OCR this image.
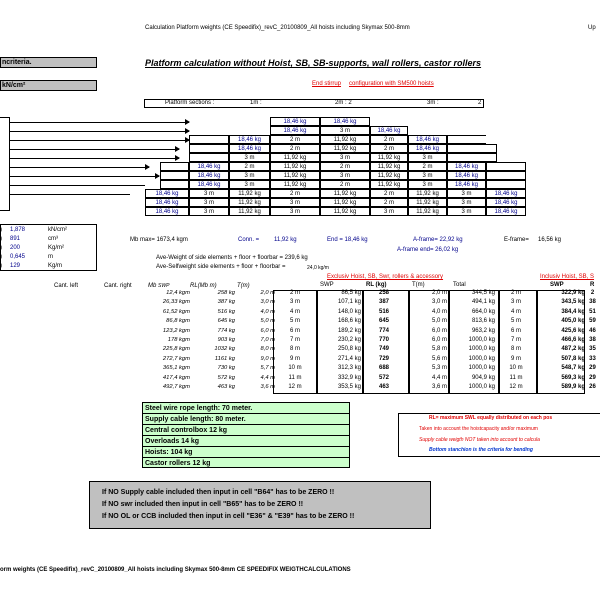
Calculation Platform weights (CE Speedifix)_revC_20100809_All hoists including Skymax 500-8mm	Up
ncriteria.
kN/cm²
Platform calculation without Hoist, SB, SB-supports, wall rollers, castor rollers
End stirrup configuration with SM500 hoists
Platform sections :	1m :	2m : 2	3m :	2
18,46 kg	18,46 kg
18,46 kg	3 m	18,46 kg
18,46 kg	2 m	11,92 kg	2 m	18,46 kg
18,46 kg	2 m	11,92 kg	2 m	18,46 kg
3 m	11,92 kg	3 m	11,92 kg	3 m
18,46 kg	2 m	11,92 kg	2 m	11,92 kg	2 m	18,46 kg
18,46 kg	3 m	11,92 kg	3 m	11,92 kg	3 m	18,46 kg
18,46 kg	3 m	11,92 kg	2 m	11,92 kg	3 m	18,46 kg
18,46 kg	3 m	11,92 kg	2 m	11,92 kg	2 m	11,92 kg	3 m	18,46 kg
18,46 kg	3 m	11,92 kg	3 m	11,92 kg	2 m	11,92 kg	3 m	18,46 kg
18,46 kg	3 m	11,92 kg	3 m	11,92 kg	3 m	11,92 kg	3 m	18,46 kg
1,878	kN/cm²
)
891	cm³
)
200	Kg/m²
)
0,645	m
)
129	Kg/m
)
Mb max= 1673,4 kgm	Conn. = 11,92 kg	End = 18,46 kg	A-frame= 22,92 kg
A-frame end= 26,02 kg
E-frame= 16,56 kg
Ave-Weight of side elements + floor + floorbar = 239,6 kg
Ave-Selfweight side elements + floor + floorbar =	24,0 kg/m
Exclusiv Hoist, SB, Swr, rollers & accessory	Inclusiv Hoist, SB, S
Cant. left	Cant. right	Mb SWP	RL(Mb m)	T(m)	SWP	RL (kg)	T(m)	Total	SWP	R
12,4 kgm	258 kg	2,0 m	2 m	86,5 kg	258	2,0 m	344,5 kg	2 m	322,9 kg 2
26,33 kgm	387 kg	3,0 m	3 m	107,1 kg	387	3,0 m	494,1 kg	3 m	343,5 kg 38
61,52 kgm	516 kg	4,0 m	4 m	148,0 kg	516	4,0 m	664,0 kg	4 m	384,4 kg 51
86,8 kgm	645 kg	5,0 m	5 m	168,6 kg	645	5,0 m	813,6 kg	5 m	405,0 kg 59
123,2 kgm	774 kg	6,0 m	6 m	189,2 kg	774	6,0 m	963,2 kg	6 m	425,6 kg 46
178 kgm	903 kg	7,0 m	7 m	230,2 kg	770	6,0 m	1000,0 kg	7 m	466,6 kg 38
225,8 kgm	1032 kg	8,0 m	8 m	250,8 kg	749	5,8 m	1000,0 kg	8 m	487,2 kg 35
272,7 kgm	1161 kg	9,0 m	9 m	271,4 kg	729	5,6 m	1000,0 kg	9 m	507,8 kg 33
365,1 kgm	730 kg	5,7 m	10 m	312,3 kg	688	5,3 m	1000,0 kg	10 m	548,7 kg 29
417,4 kgm	572 kg	4,4 m	11 m	332,9 kg	572	4,4 m	904,9 kg	11 m	569,3 kg 29
492,7 kgm	463 kg	3,6 m	12 m	353,5 kg	463	3,6 m	1000,0 kg	12 m	589,9 kg 26
Steel wire rope length: 70 meter.
Supply cable length: 80 meter.
Central controlbox 12 kg
Overloads 14 kg
Hoists: 104 kg
Castor rollers 12 kg
RL= maximum SWL equally distributed on each pos
Taken into account the hoistcapacity and/or maximum
Supply cable weigth NOT taken into account to calcula
Bottom stanchion is the criteria for bending
If NO Supply cable included then input in cell "B64" has to be ZERO !!
If NO swr included then input in cell "B65" has to be ZERO !!
If NO OL or CCB included then input in cell "E36" & "E39" has to be ZERO !!
orm weights (CE Speedifix)_revC_20100809_All hoists including Skymax 500-8mm CE SPEEDIFIX WEIGTHCALCULATIONS
